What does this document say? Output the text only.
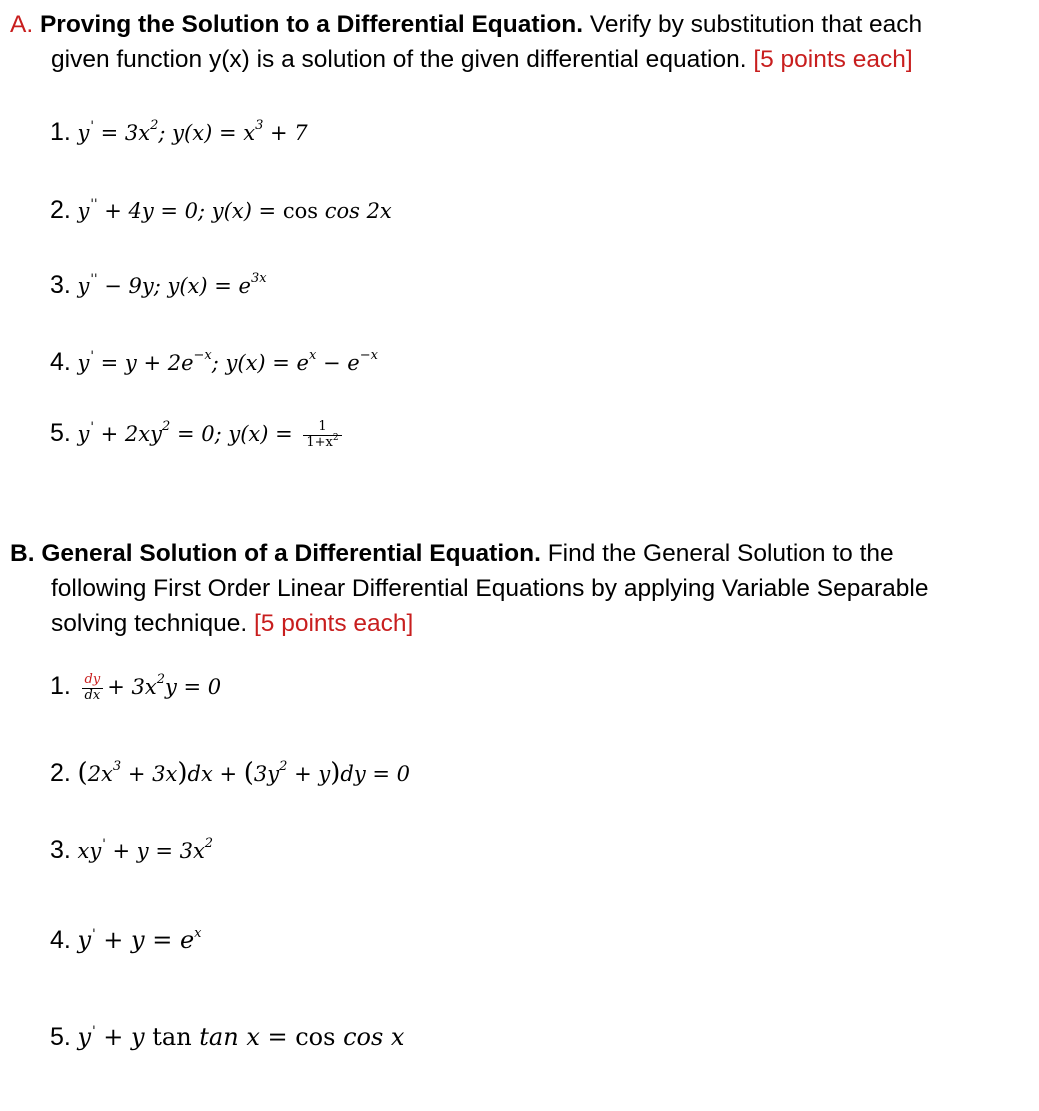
A. Proving the Solution to a Differential Equation. Verify by substitution that each
given function y(x) is a solution of the given differential equation. [5 points each]
1. $y' = 3x^2$; $y(x) = x^3 + 7$
2. y'' + 4y = 0; y(x) = cos cos 2x
3. y'' − 9y; $y(x) = e^{3x}$
4. $y' = y + 2e^{-x}$; $y(x) = e^x - e^{-x}$
5. $y' + 2xy^2 = 0$; $y(x) = \frac{1}{1+x^2}$
B. General Solution of a Differential Equation. Find the General Solution to the
following First Order Linear Differential Equations by applying Variable Separable
solving technique. [5 points each]
1. $\frac{dy}{dx} + 3x^2y = 0$
2. $(2x^3 + 3x)dx + (3y^2 + y)dy = 0$
3. $xy' + y = 3x^2$
4. $y' + y = e^x$
5. y' + y tan tan x = cos cos x
